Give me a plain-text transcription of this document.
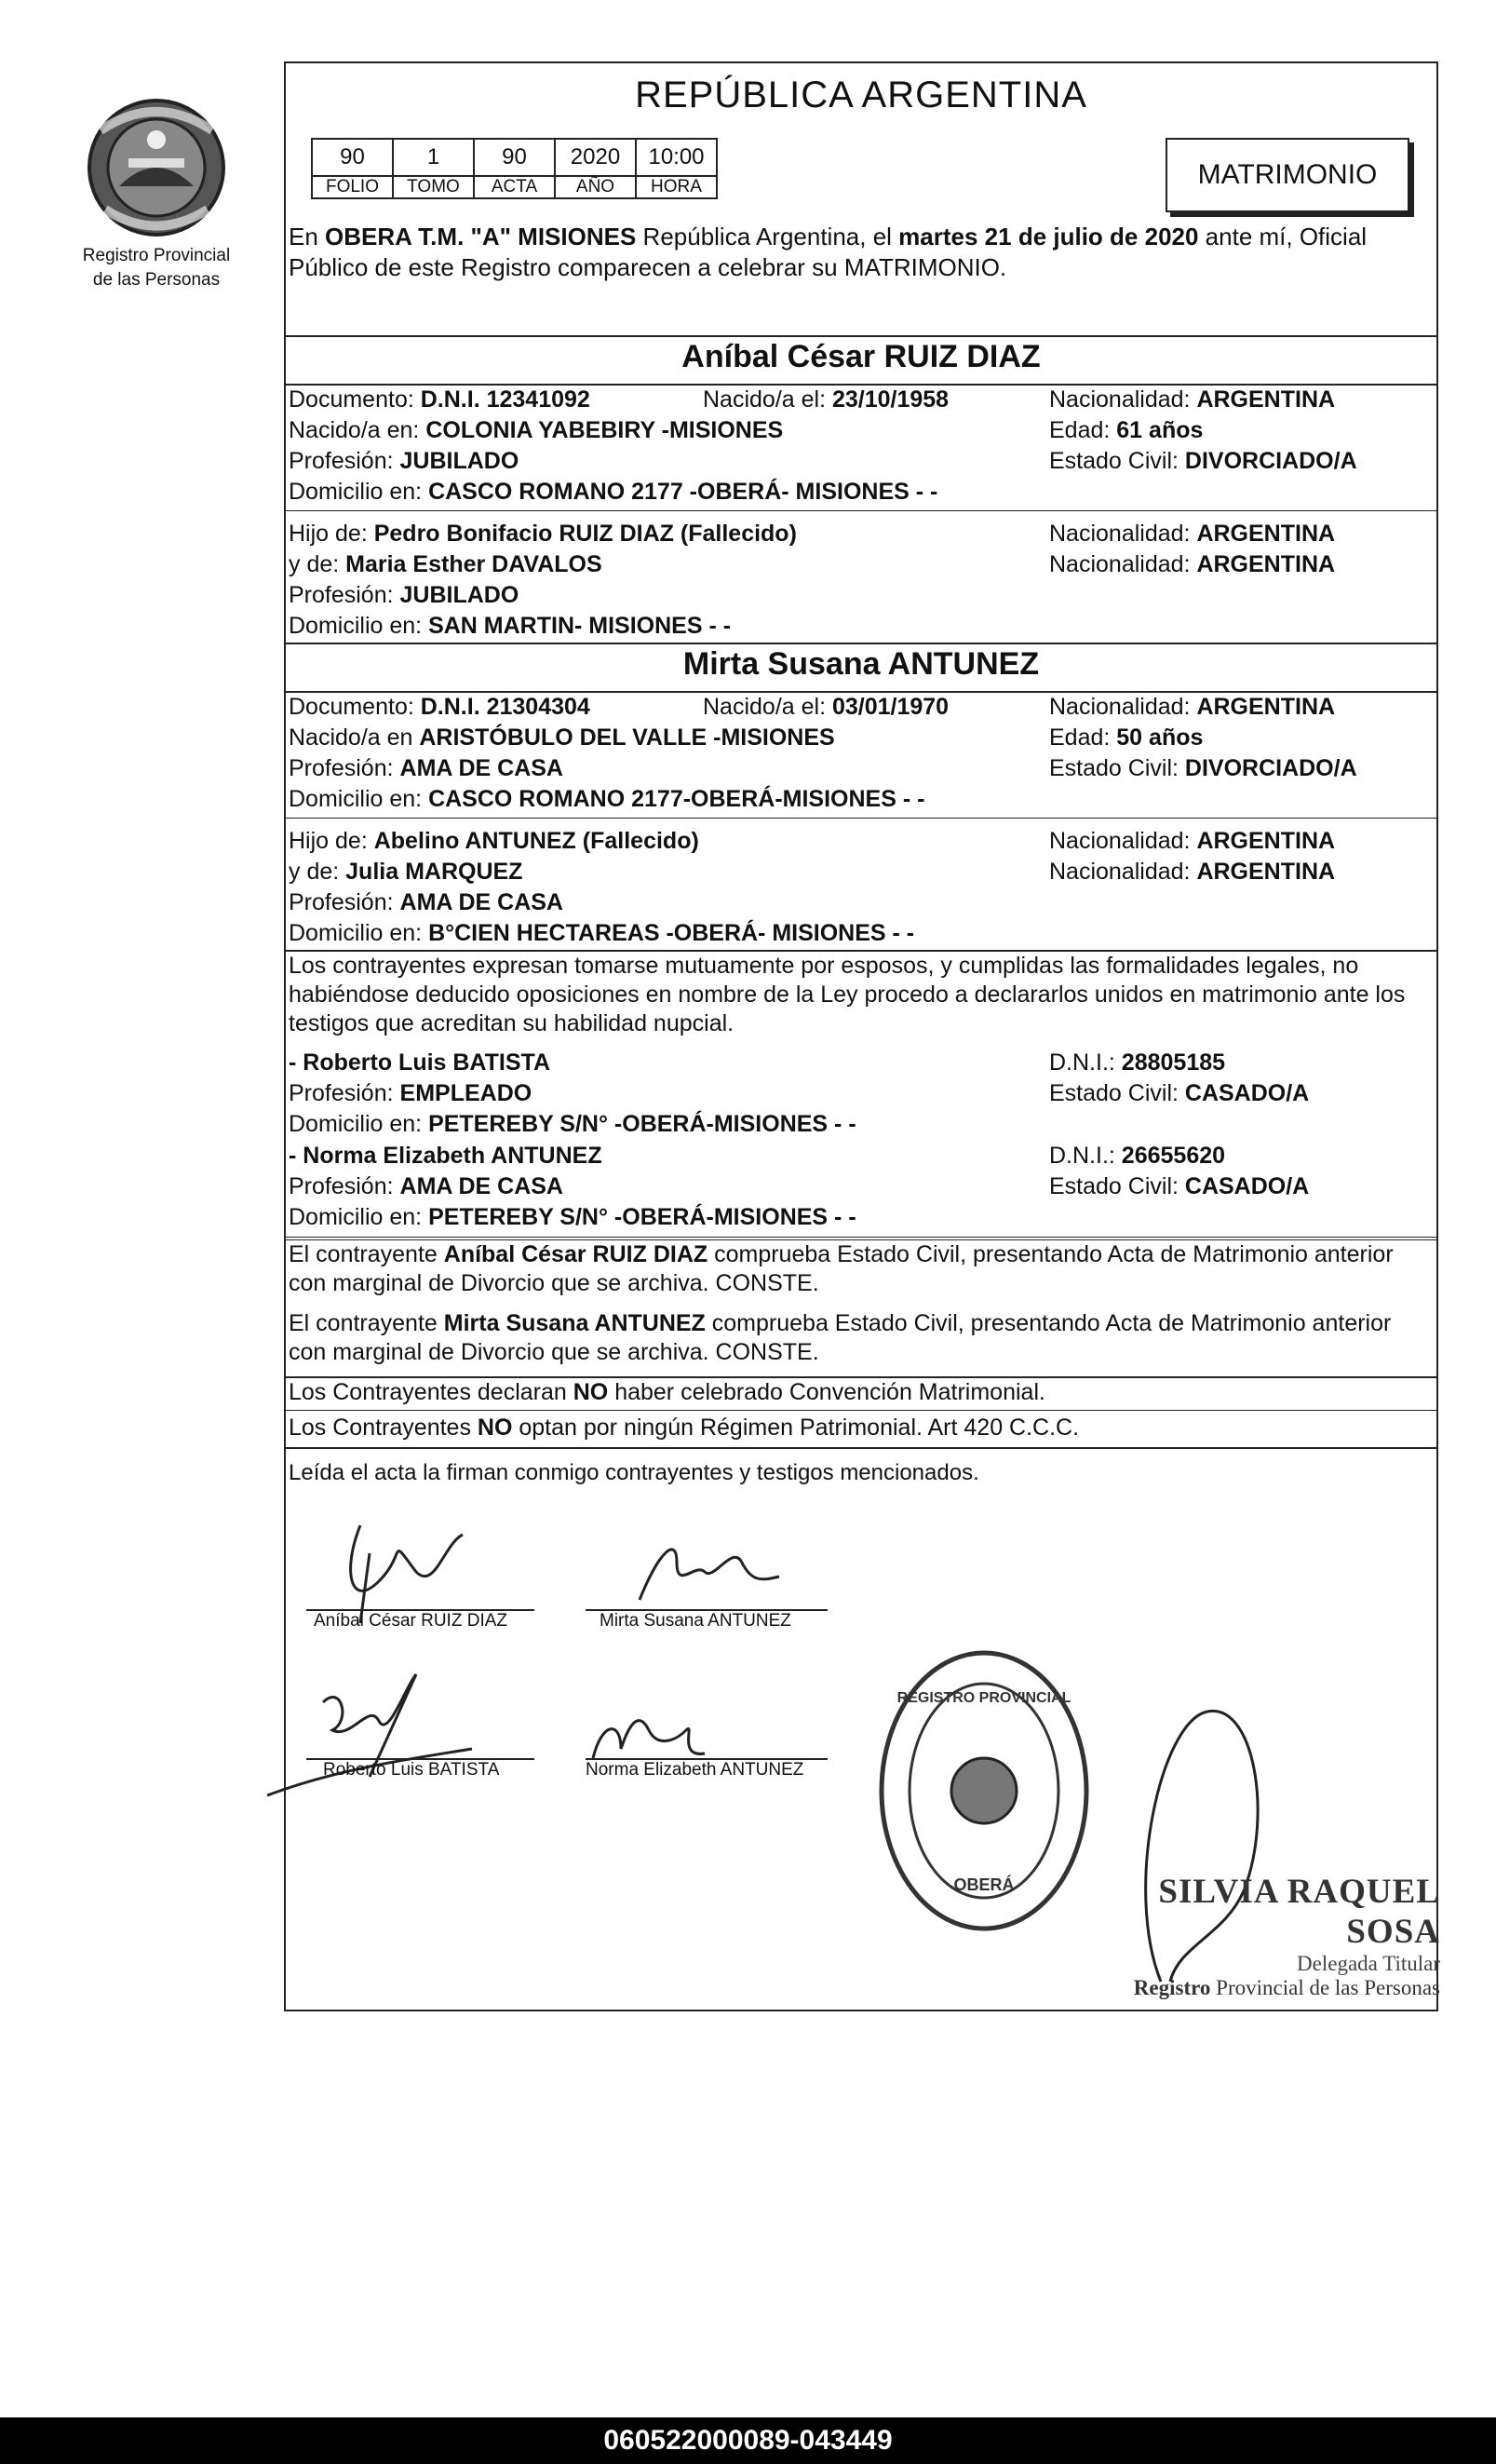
Registro Provincial
de las Personas
REPÚBLICA ARGENTINA
90	1	90	2020	10:00
FOLIO	TOMO	ACTA	AÑO	HORA	MATRIMONIO
En OBERA T.M. "A" MISIONES República Argentina, el martes 21 de julio de 2020 ante mí, Oficial Público de este Registro comparecen a celebrar su MATRIMONIO.
Aníbal César RUIZ DIAZ
Documento: D.N.I. 12341092	Nacido/a el: 23/10/1958	Nacionalidad: ARGENTINA
Nacido/a en: COLONIA YABEBIRY -MISIONES	Edad: 61 años
Profesión: JUBILADO	Estado Civil: DIVORCIADO/A
Domicilio en: CASCO ROMANO 2177 -OBERÁ- MISIONES - -
Hijo de: Pedro Bonifacio RUIZ DIAZ (Fallecido)	Nacionalidad: ARGENTINA
y de: Maria Esther DAVALOS	Nacionalidad: ARGENTINA
Profesión: JUBILADO
Domicilio en: SAN MARTIN- MISIONES - -
Mirta Susana ANTUNEZ
Documento: D.N.I. 21304304	Nacido/a el: 03/01/1970	Nacionalidad: ARGENTINA
Nacido/a en ARISTÓBULO DEL VALLE -MISIONES	Edad: 50 años
Profesión: AMA DE CASA	Estado Civil: DIVORCIADO/A
Domicilio en: CASCO ROMANO 2177-OBERÁ-MISIONES - -
Hijo de: Abelino ANTUNEZ (Fallecido)	Nacionalidad: ARGENTINA
y de: Julia MARQUEZ	Nacionalidad: ARGENTINA
Profesión: AMA DE CASA
Domicilio en: B°CIEN HECTAREAS -OBERÁ- MISIONES - -
Los contrayentes expresan tomarse mutuamente por esposos, y cumplidas las formalidades legales, no habiéndose deducido oposiciones en nombre de la Ley procedo a declararlos unidos en matrimonio ante los testigos que acreditan su habilidad nupcial.
- Roberto Luis BATISTA	D.N.I.: 28805185
Profesión: EMPLEADO	Estado Civil: CASADO/A
Domicilio en: PETEREBY S/N° -OBERÁ-MISIONES - -
- Norma Elizabeth ANTUNEZ	D.N.I.: 26655620
Profesión: AMA DE CASA	Estado Civil: CASADO/A
Domicilio en: PETEREBY S/N° -OBERÁ-MISIONES - -
El contrayente Aníbal César RUIZ DIAZ comprueba Estado Civil, presentando Acta de Matrimonio anterior con marginal de Divorcio que se archiva. CONSTE.
El contrayente Mirta Susana ANTUNEZ comprueba Estado Civil, presentando Acta de Matrimonio anterior con marginal de Divorcio que se archiva. CONSTE.
Los Contrayentes declaran NO haber celebrado Convención Matrimonial.
Los Contrayentes NO optan por ningún Régimen Patrimonial. Art 420 C.C.C.
Leída el acta la firman conmigo contrayentes y testigos mencionados.
Aníbal César RUIZ DIAZ	Mirta Susana ANTUNEZ
Roberto Luis BATISTA	Norma Elizabeth ANTUNEZ
REGISTRO PROVINCIAL
OBERÁ	SILVIA RAQUEL SOSA
Delegada Titular
Registro Provincial de las Personas
060522000089-043449
